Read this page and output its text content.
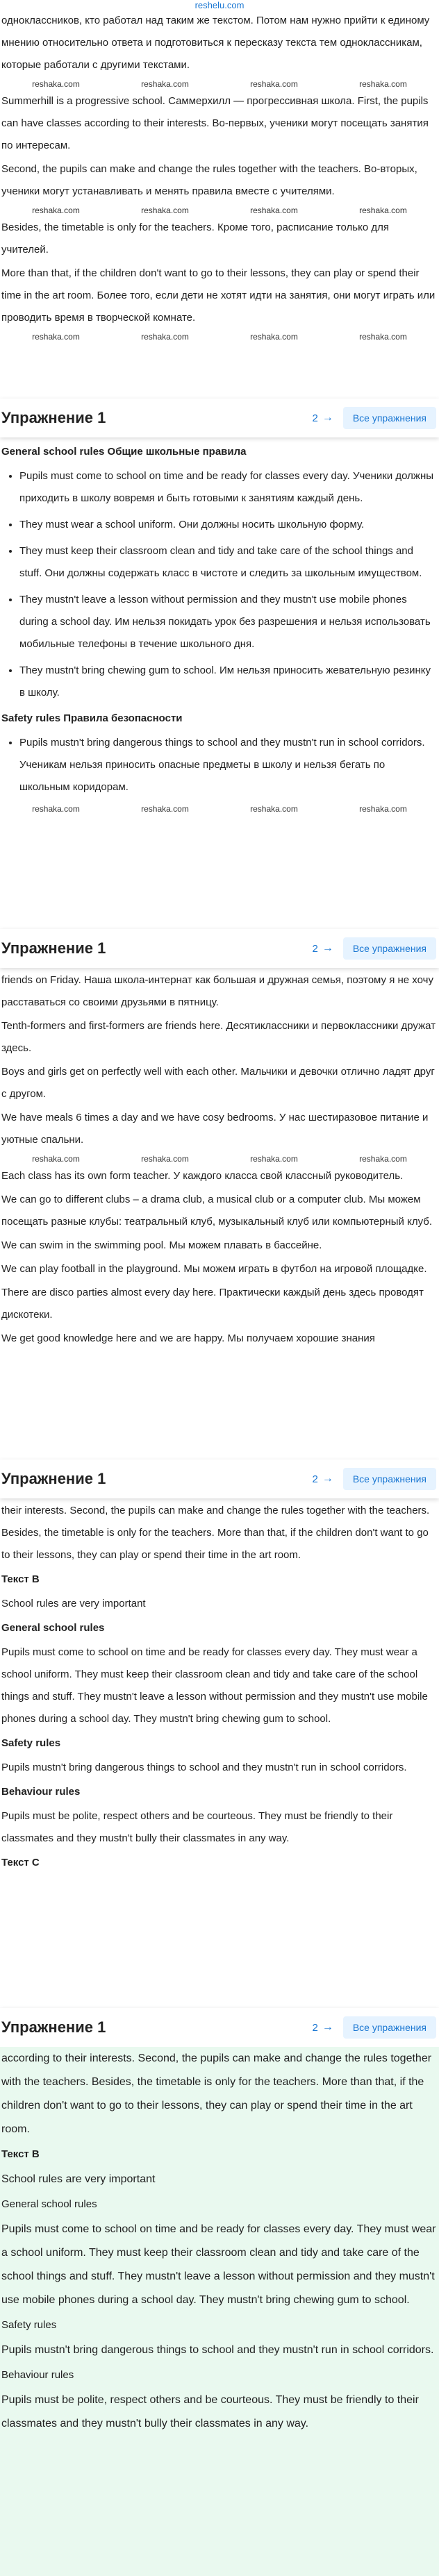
reshelu.com

одноклассников, кто работал над таким же текстом. Потом нам нужно прийти к единому мнению относительно ответа и подготовиться к пересказу текста тем одноклассникам, которые работали с другими текстами.

reshaka.com	reshaka.com	reshaka.com	reshaka.com

Summerhill is a progressive school. Саммерхилл — прогрессивная школа. First, the pupils can have classes according to their interests. Во-первых, ученики могут посещать занятия по интересам.

Second, the pupils can make and change the rules together with the teachers. Во-вторых, ученики могут устанавливать и менять правила вместе с учителями.

reshaka.com	reshaka.com	reshaka.com	reshaka.com

Besides, the timetable is only for the teachers. Кроме того, расписание только для учителей.

More than that, if the children don't want to go to their lessons, they can play or spend their time in the art room. Более того, если дети не хотят идти на занятия, они могут играть или проводить время в творческой комнате.

reshaka.com	reshaka.com	reshaka.com	reshaka.com
Упражнение 1	2 →	Все упражнения
General school rules Общие школьные правила
• Pupils must come to school on time and be ready for classes every day. Ученики должны приходить в школу вовремя и быть готовыми к занятиям каждый день.
• They must wear a school uniform. Они должны носить школьную форму.
• They must keep their classroom clean and tidy and take care of the school things and stuff. Они должны содержать класс в чистоте и следить за школьным имуществом.
• They mustn't leave a lesson without permission and they mustn't use mobile phones during a school day. Им нельзя покидать урок без разрешения и нельзя использовать мобильные телефоны в течение школьного дня.
• They mustn't bring chewing gum to school. Им нельзя приносить жевательную резинку в школу.
Safety rules Правила безопасности
• Pupils mustn't bring dangerous things to school and they mustn't run in school corridors. Ученикам нельзя приносить опасные предметы в школу и нельзя бегать по школьным коридорам.
reshaka.com	reshaka.com	reshaka.com	reshaka.com
Упражнение 1	2 →	Все упражнения

friends on Friday. Наша школа-интернат как большая и дружная семья, поэтому я не хочу расставаться со своими друзьями в пятницу.

Tenth-formers and first-formers are friends here. Десятиклассники и первоклассники дружат здесь.

Boys and girls get on perfectly well with each other. Мальчики и девочки отлично ладят друг с другом.

We have meals 6 times a day and we have cosy bedrooms. У нас шестиразовое питание и уютные спальни.

reshaka.com	reshaka.com	reshaka.com	reshaka.com

Each class has its own form teacher. У каждого класса свой классный руководитель.

We can go to different clubs – a drama club, a musical club or a computer club. Мы можем посещать разные клубы: театральный клуб, музыкальный клуб или компьютерный клуб.

We can swim in the swimming pool. Мы можем плавать в бассейне.

We can play football in the playground. Мы можем играть в футбол на игровой площадке.

There are disco parties almost every day here. Практически каждый день здесь проводят дискотеки.

We get good knowledge here and we are happy. Мы получаем хорошие знания

Упражнение 1	2 →	Все упражнения

their interests. Second, the pupils can make and change the rules together with the teachers. Besides, the timetable is only for the teachers. More than that, if the children don't want to go to their lessons, they can play or spend their time in the art room.

Текст В

School rules are very important

General school rules

Pupils must come to school on time and be ready for classes every day. They must wear a school uniform. They must keep their classroom clean and tidy and take care of the school things and stuff. They mustn't leave a lesson without permission and they mustn't use mobile phones during a school day. They mustn't bring chewing gum to school.

Safety rules

Pupils mustn't bring dangerous things to school and they mustn't run in school corridors.

Behaviour rules

Pupils must be polite, respect others and be courteous. They must be friendly to their classmates and they mustn't bully their classmates in any way.

Текст С
Упражнение 1	2 →	Все упражнения

according to their interests. Second, the pupils can make and change the rules together with the teachers. Besides, the timetable is only for the teachers. More than that, if the children don't want to go to their lessons, they can play or spend their time in the art room.

Текст В

School rules are very important

General school rules

Pupils must come to school on time and be ready for classes every day. They must wear a school uniform. They must keep their classroom clean and tidy and take care of the school things and stuff. They mustn't leave a lesson without permission and they mustn't use mobile phones during a school day. They mustn't bring chewing gum to school.

Safety rules

Pupils mustn't bring dangerous things to school and they mustn't run in school corridors.

Behaviour rules

Pupils must be polite, respect others and be courteous. They must be friendly to their classmates and they mustn't bully their classmates in any way.
